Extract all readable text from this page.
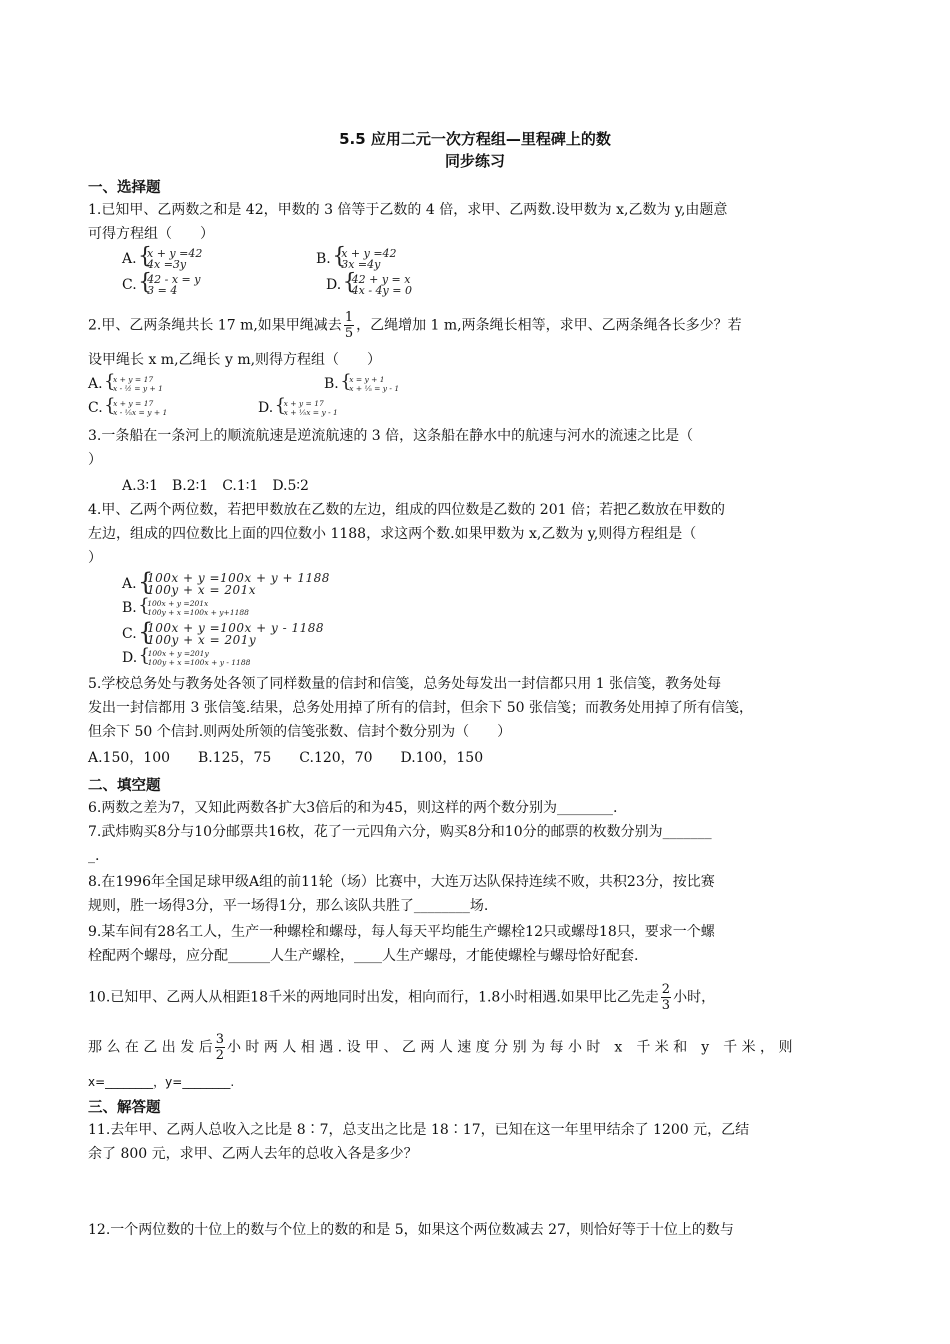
5.5 应用二元一次方程组—里程碑上的数
同步练习
一、选择题
1.已知甲、乙两数之和是 42，甲数的 3 倍等于乙数的 4 倍，求甲、乙两数.设甲数为 x,乙数为 y,由题意
可得方程组（　　）
A. { x + y =42
4x =3y	B. { x + y =42
3x =4y
C. { 42 - x = y
3 = 4	D. { 42 + y = x
4x - 4y = 0
2.甲、乙两条绳共长 17 m,如果甲绳减去 $\frac{1}{5}$ ，乙绳增加 1 m,两条绳长相等，求甲、乙两条绳各长多少？若
设甲绳长 x m,乙绳长 y m,则得方程组（　　）
A. { x + y = 17
x - ½ = y + 1	B. { x = y + 1
x + ⅕ = y - 1
C. { x + y = 17
x - ⅕x = y + 1	D. { x + y = 17
x + ⅕x = y - 1
3.一条船在一条河上的顺流航速是逆流航速的 3 倍，这条船在静水中的航速与河水的流速之比是（
）
A.3∶1　B.2∶1　C.1∶1　D.5∶2
4.甲、乙两个两位数，若把甲数放在乙数的左边，组成的四位数是乙数的 201 倍；若把乙数放在甲数的
左边，组成的四位数比上面的四位数小 1188，求这两个数.如果甲数为 x,乙数为 y,则得方程组是（
）
A. { 100x + y =100x + y + 1188
100y + x = 201x
B. { 100x + y =201x
100y + x =100x + y+1188
C. { 100x + y =100x + y - 1188
100y + x = 201y
D. { 100x + y =201y
100y + x =100x + y - 1188
5.学校总务处与教务处各领了同样数量的信封和信笺，总务处每发出一封信都只用 1 张信笺，教务处每
发出一封信都用 3 张信笺.结果，总务处用掉了所有的信封，但余下 50 张信笺；而教务处用掉了所有信笺，
但余下 50 个信封.则两处所领的信笺张数、信封个数分别为（　　）
A.150，100　　B.125，75　　C.120，70　　D.100，150
二、填空题
6.两数之差为7，又知此两数各扩大3倍后的和为45，则这样的两个数分别为________.
7.武炜购买8分与10分邮票共16枚，花了一元四角六分，购买8分和10分的邮票的枚数分别为_______
_.
8.在1996年全国足球甲级A组的前11轮（场）比赛中，大连万达队保持连续不败，共积23分，按比赛
规则，胜一场得3分，平一场得1分，那么该队共胜了________场.
9.某车间有28名工人，生产一种螺栓和螺母，每人每天平均能生产螺栓12只或螺母18只，要求一个螺
栓配两个螺母，应分配______人生产螺栓，____人生产螺母，才能使螺栓与螺母恰好配套.
10.已知甲、乙两人从相距18千米的两地同时出发，相向而行，1.8小时相遇.如果甲比乙先走 $\frac{2}{3}$ 小时，
那 么 在 乙 出 发 后 $\frac{3}{2}$ 小 时 两 人 相 遇 . 设 甲 、 乙 两 人 速 度 分 别 为 每 小 时　x　千 米 和　y　千 米 ， 则
x=________，y=________.
三、解答题
11.去年甲、乙两人总收入之比是 8∶7，总支出之比是 18∶17，已知在这一年里甲结余了 1200 元，乙结
余了 800 元，求甲、乙两人去年的总收入各是多少？
12.一个两位数的十位上的数与个位上的数的和是 5，如果这个两位数减去 27，则恰好等于十位上的数与
